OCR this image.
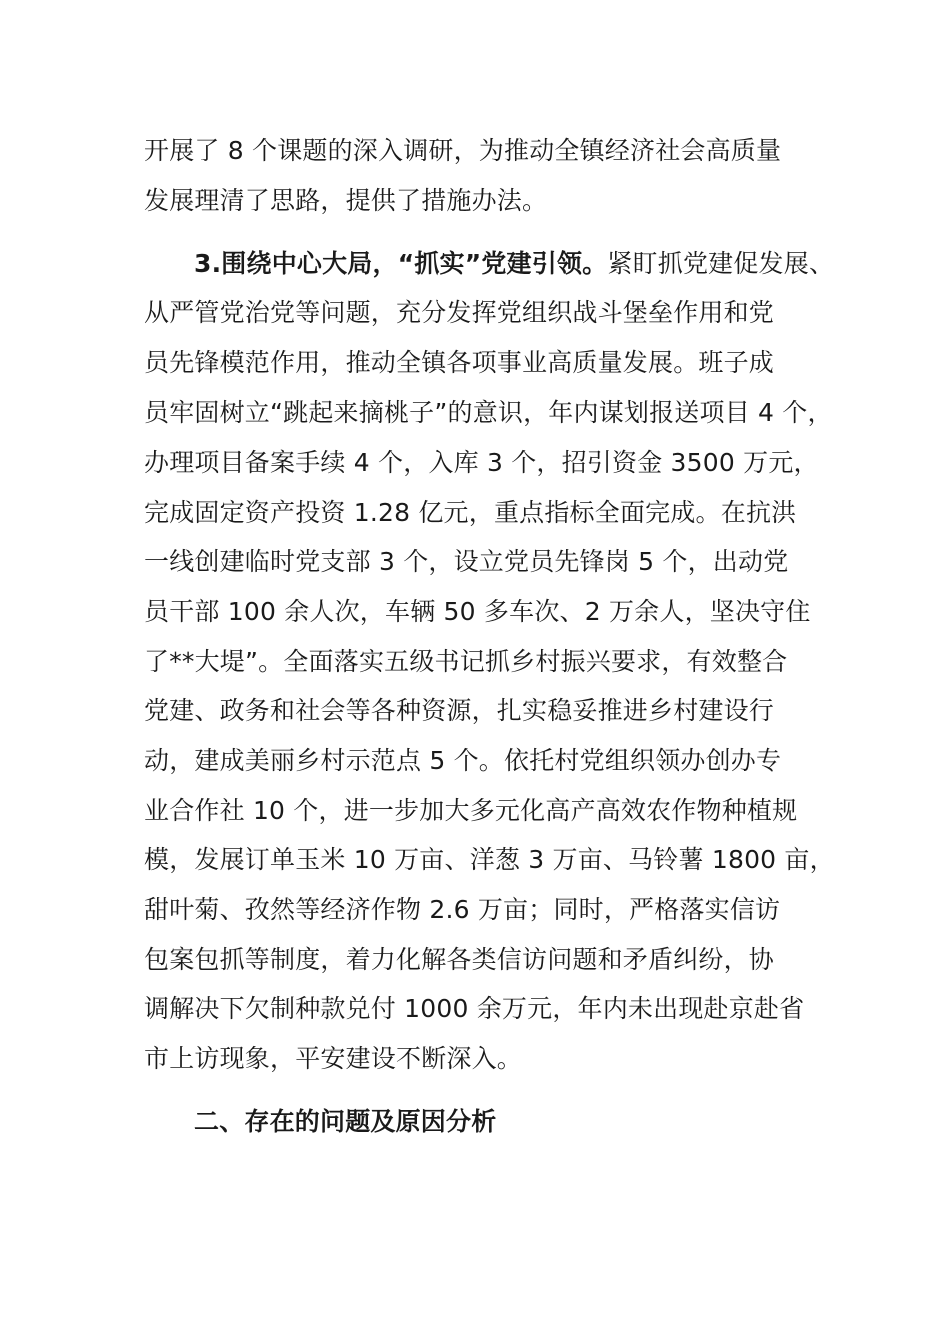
开展了 8 个课题的深入调研，为推动全镇经济社会高质量
发展理清了思路，提供了措施办法。
3.围绕中心大局，“抓实”党建引领。紧盯抓党建促发展、
从严管党治党等问题，充分发挥党组织战斗堡垒作用和党
员先锋模范作用，推动全镇各项事业高质量发展。班子成
员牢固树立“跳起来摘桃子”的意识，年内谋划报送项目 4 个，
办理项目备案手续 4 个，入库 3 个，招引资金 3500 万元，
完成固定资产投资 1.28 亿元，重点指标全面完成。在抗洪
一线创建临时党支部 3 个，设立党员先锋岗 5 个，出动党
员干部 100 余人次，车辆 50 多车次、2 万余人，坚决守住
了**大堤”。全面落实五级书记抓乡村振兴要求，有效整合
党建、政务和社会等各种资源，扎实稳妥推进乡村建设行
动，建成美丽乡村示范点 5 个。依托村党组织领办创办专
业合作社 10 个，进一步加大多元化高产高效农作物种植规
模，发展订单玉米 10 万亩、洋葱 3 万亩、马铃薯 1800 亩，
甜叶菊、孜然等经济作物 2.6 万亩；同时，严格落实信访
包案包抓等制度，着力化解各类信访问题和矛盾纠纷，协
调解决下欠制种款兑付 1000 余万元，年内未出现赴京赴省
市上访现象，平安建设不断深入。
二、存在的问题及原因分析
